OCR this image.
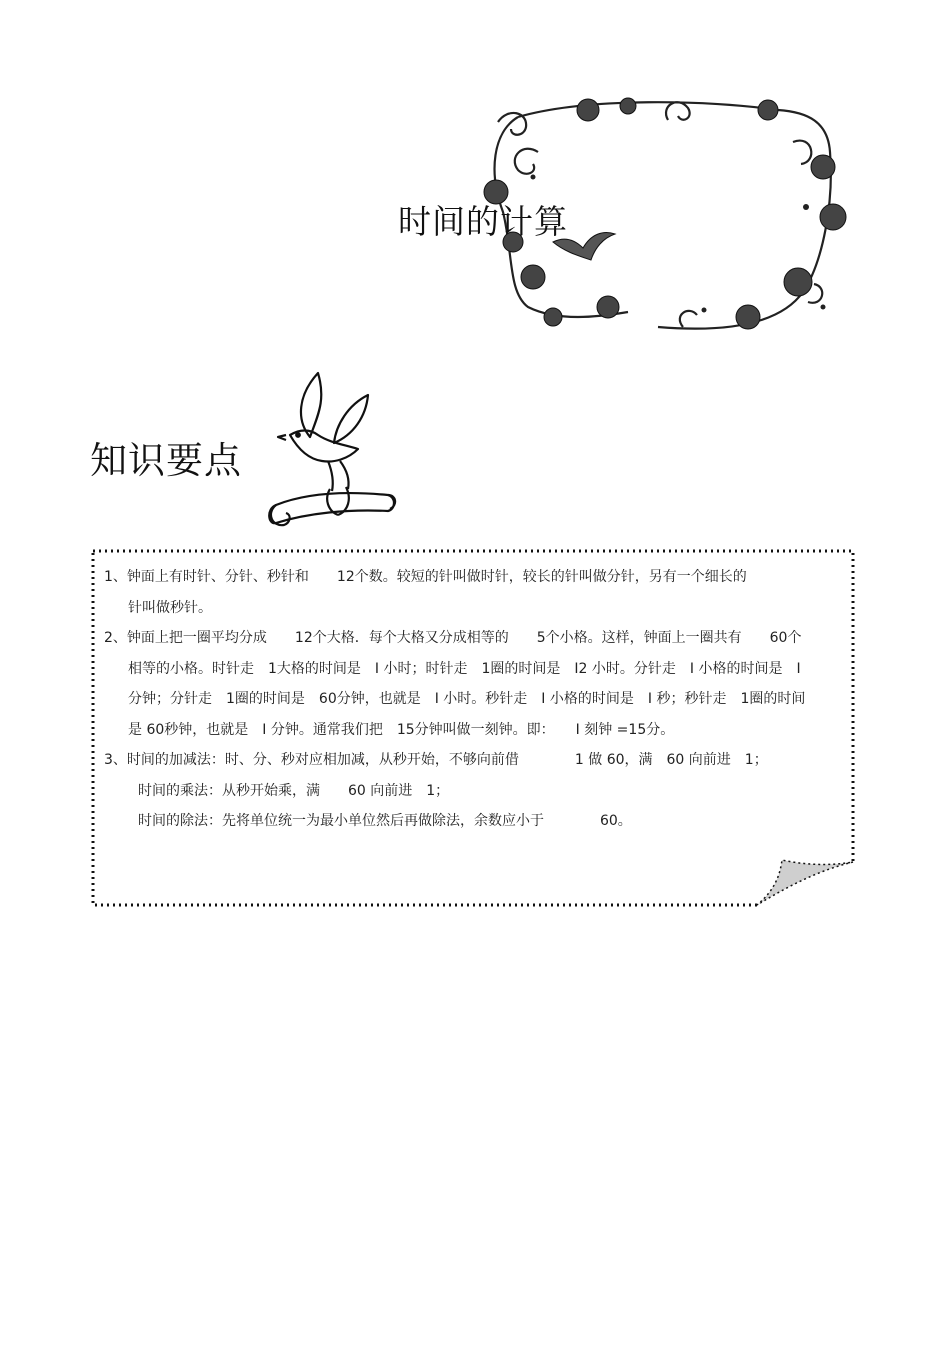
时间的计算
知识要点

1、钟面上有时针、分针、秒针和　　12个数。较短的针叫做时针，较长的针叫做分针，另有一个细长的

针叫做秒针。

2、钟面上把一圈平均分成　　12个大格．每个大格又分成相等的　　5个小格。这样，钟面上一圈共有　　60个

相等的小格。时针走　1大格的时间是　I 小时；时针走　1圈的时间是　I2 小时。分针走　I 小格的时间是　I

分钟；分针走　1圈的时间是　60分钟，也就是　I 小时。秒针走　I 小格的时间是　I 秒；秒针走　1圈的时间

是 60秒钟，也就是　I 分钟。通常我们把　15分钟叫做一刻钟。即：　　I 刻钟 =15分。

3、时间的加减法：时、分、秒对应相加减，从秒开始，不够向前借　　　　1 做 60，满　60 向前进　1；

时间的乘法：从秒开始乘，满　　60 向前进　1；

时间的除法：先将单位统一为最小单位然后再做除法，余数应小于　　　　60。
